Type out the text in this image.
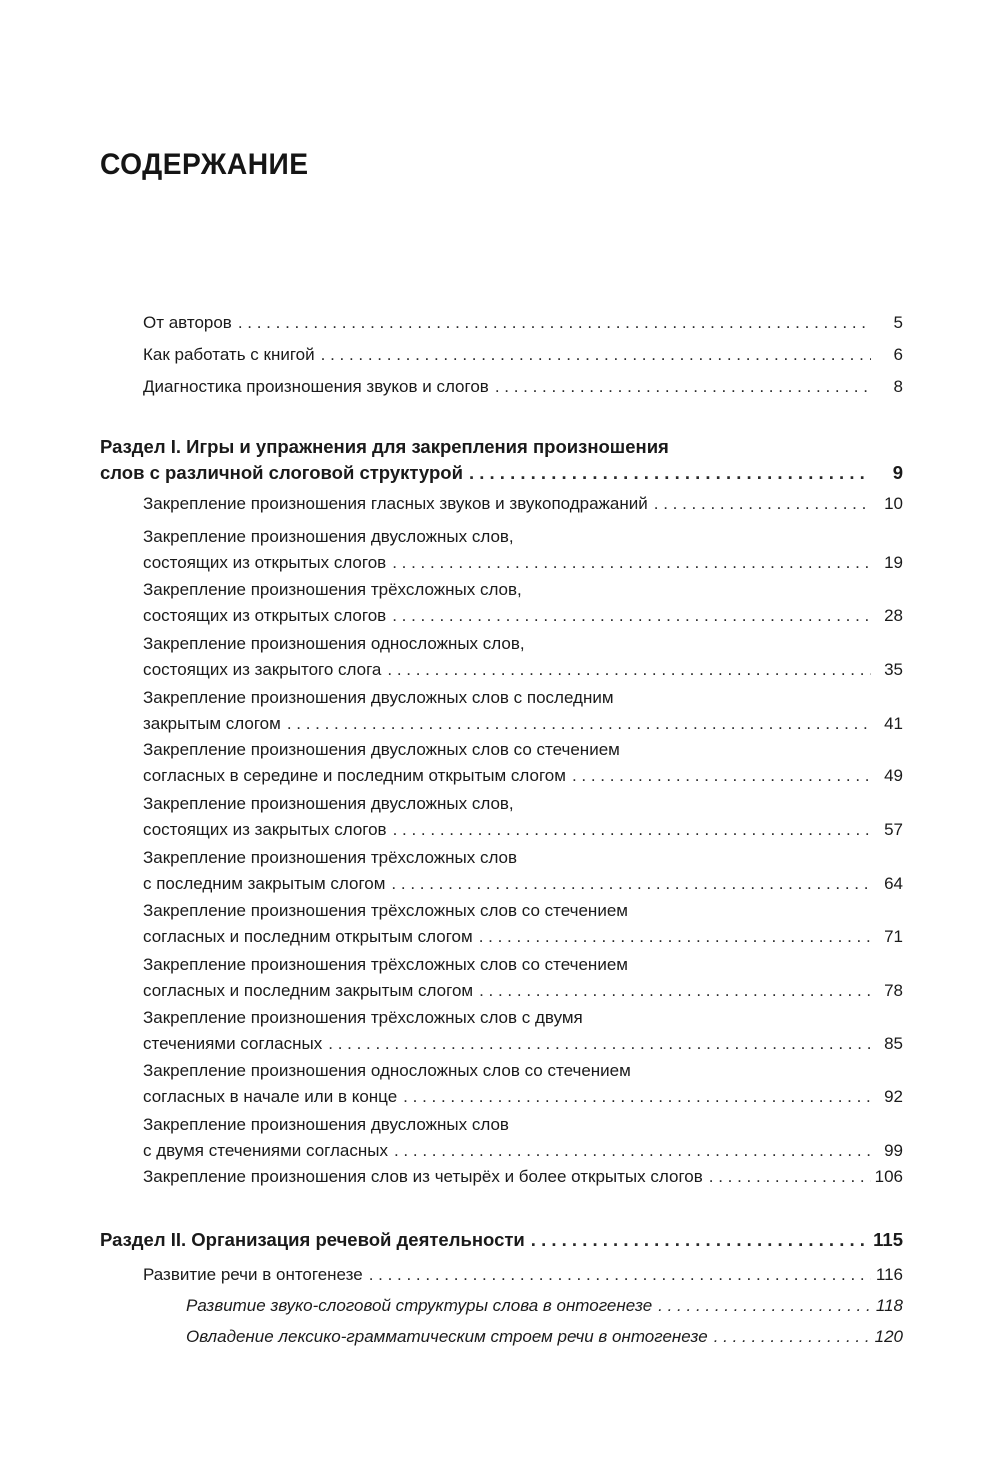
СОДЕРЖАНИЕ
От авторов . . .	5
Как работать с книгой . . .	6
Диагностика произношения звуков и слогов . . .	8
Раздел I. Игры и упражнения для закрепления произношения
слов с различной слоговой структурой . . .	9
Закрепление произношения гласных звуков и звукоподражаний . . .	10
Закрепление произношения двусложных слов,
состоящих из открытых слогов . . .	19
Закрепление произношения трёхсложных слов,
состоящих из открытых слогов . . .	28
Закрепление произношения односложных слов,
состоящих из закрытого слога . . .	35
Закрепление произношения двусложных слов с последним
закрытым слогом . . .	41
Закрепление произношения двусложных слов со стечением
согласных в середине и последним открытым слогом . . .	49
Закрепление произношения двусложных слов,
состоящих из закрытых слогов . . .	57
Закрепление произношения трёхсложных слов
с последним закрытым слогом . . .	64
Закрепление произношения трёхсложных слов со стечением
согласных и последним открытым слогом . . .	71
Закрепление произношения трёхсложных слов со стечением
согласных и последним закрытым слогом . . .	78
Закрепление произношения трёхсложных слов с двумя
стечениями согласных . . .	85
Закрепление произношения односложных слов со стечением
согласных в начале или в конце . . .	92
Закрепление произношения двусложных слов
с двумя стечениями согласных . . .	99
Закрепление произношения слов из четырёх и более открытых слогов . . .	106
Раздел II. Организация речевой деятельности . . .	115
Развитие речи в онтогенезе . . .	116
Развитие звуко-слоговой структуры слова в онтогенезе . . .	118
Овладение лексико-грамматическим строем речи в онтогенезе . . .	120
